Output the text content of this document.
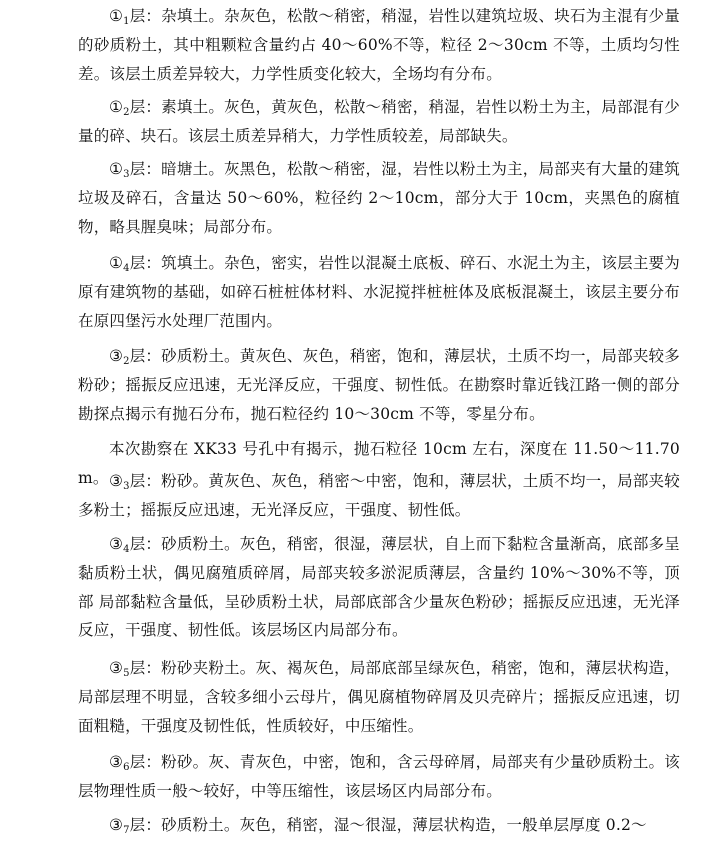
$①_1$层：杂填土。杂灰色，松散～稍密，稍湿，岩性以建筑垃圾、块石为主混有少量的砂质粉土，其中粗颗粒含量约占 40～60%不等，粒径 2～30cm 不等，土质均匀性差。该层土质差异较大，力学性质变化较大，全场均有分布。

$①_2$层：素填土。灰色，黄灰色，松散～稍密，稍湿，岩性以粉土为主，局部混有少量的碎、块石。该层土质差异稍大，力学性质较差，局部缺失。

$①_3$层：暗塘土。灰黑色，松散～稍密，湿，岩性以粉土为主，局部夹有大量的建筑垃圾及碎石，含量达 50～60%，粒径约 2～10cm，部分大于 10cm，夹黑色的腐植物，略具腥臭味；局部分布。

$①_4$层：筑填土。杂色，密实，岩性以混凝土底板、碎石、水泥土为主，该层主要为原有建筑物的基础，如碎石桩桩体材料、水泥搅拌桩桩体及底板混凝土，该层主要分布在原四堡污水处理厂范围内。

$③_2$层：砂质粉土。黄灰色、灰色，稍密，饱和，薄层状，土质不均一，局部夹较多粉砂；摇振反应迅速，无光泽反应，干强度、韧性低。在勘察时靠近钱江路一侧的部分勘探点揭示有抛石分布，抛石粒径约 10～30cm 不等，零星分布。

本次勘察在 XK33 号孔中有揭示，抛石粒径 10cm 左右，深度在 11.50～11.70m。 $③_3$层：粉砂。黄灰色、灰色，稍密～中密，饱和，薄层状，土质不均一，局部夹较多粉土；摇振反应迅速，无光泽反应，干强度、韧性低。

$③_4$层：砂质粉土。灰色，稍密，很湿，薄层状，自上而下黏粒含量渐高，底部多呈黏质粉土状，偶见腐殖质碎屑，局部夹较多淤泥质薄层，含量约 10%～30%不等，顶部 局部黏粒含量低，呈砂质粉土状，局部底部含少量灰色粉砂；摇振反应迅速，无光泽反应，干强度、韧性低。该层场区内局部分布。

$③_5$层：粉砂夹粉土。灰、褐灰色，局部底部呈绿灰色，稍密，饱和，薄层状构造，局部层理不明显，含较多细小云母片，偶见腐植物碎屑及贝壳碎片；摇振反应迅速，切 面粗糙，干强度及韧性低，性质较好，中压缩性。

$③_6$层：粉砂。灰、青灰色，中密，饱和，含云母碎屑，局部夹有少量砂质粉土。该层物理性质一般～较好，中等压缩性，该层场区内局部分布。

$③_7$层：砂质粉土。灰色，稍密，湿～很湿，薄层状构造，一般单层厚度 0.2～
